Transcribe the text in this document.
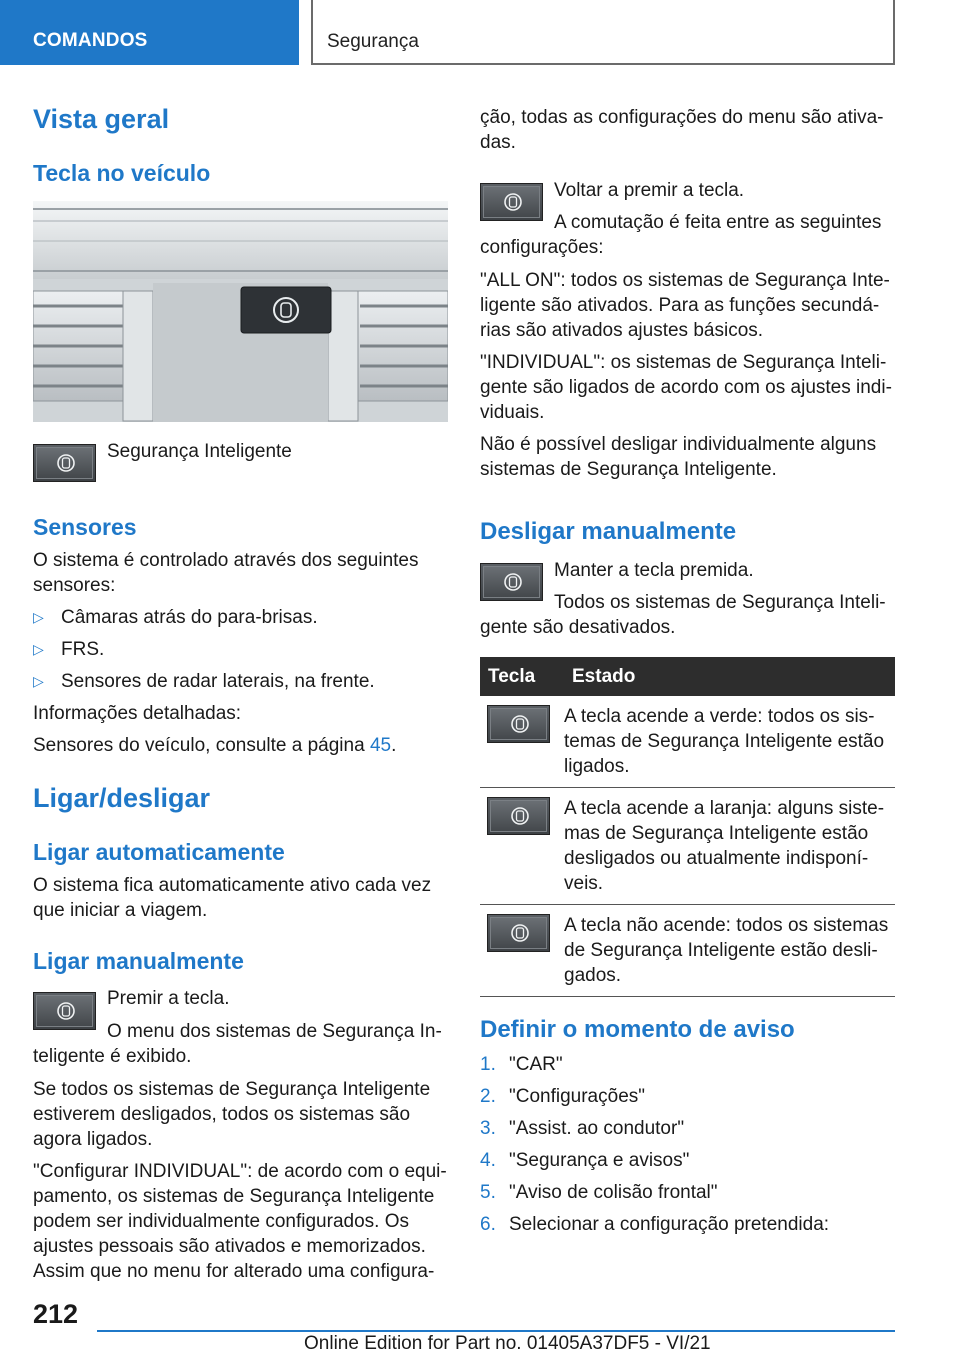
COMANDOS	Segurança
Vista geral
Tecla no veículo

Segurança Inteligente

Sensores

O sistema é controlado através dos seguintes

sensores:

▷ Câmaras atrás do para-brisas.
▷ FRS.
▷ Sensores de radar laterais, na frente.

Informações detalhadas:

Sensores do veículo, consulte a página 45.

Ligar/desligar
Ligar automaticamente

O sistema fica automaticamente ativo cada vez

que iniciar a viagem.

Ligar manualmente

Premir a tecla.

O menu dos sistemas de Segurança In-

teligente é exibido.

Se todos os sistemas de Segurança Inteligente

estiverem desligados, todos os sistemas são

agora ligados.

"Configurar INDIVIDUAL": de acordo com o equi-

pamento, os sistemas de Segurança Inteligente

podem ser individualmente configurados. Os

ajustes pessoais são ativados e memorizados.

Assim que no menu for alterado uma configura-

ção, todas as configurações do menu são ativa-

das.

Voltar a premir a tecla.

A comutação é feita entre as seguintes

configurações:

"ALL ON": todos os sistemas de Segurança Inte-

ligente são ativados. Para as funções secundá-

rias são ativados ajustes básicos.

"INDIVIDUAL": os sistemas de Segurança Inteli-

gente são ligados de acordo com os ajustes indi-

viduais.

Não é possível desligar individualmente alguns

sistemas de Segurança Inteligente.

Desligar manualmente

Manter a tecla premida.

Todos os sistemas de Segurança Inteli-

gente são desativados.

Tecla	Estado

A tecla acende a verde: todos os sis-
temas de Segurança Inteligente estão
ligados.

A tecla acende a laranja: alguns siste-
mas de Segurança Inteligente estão
desligados ou atualmente indisponí-
veis.

A tecla não acende: todos os sistemas
de Segurança Inteligente estão desli-
gados.
Definir o momento de aviso
1. "CAR"
2. "Configurações"
3. "Assist. ao condutor"
4. "Segurança e avisos"
5. "Aviso de colisão frontal"
6. Selecionar a configuração pretendida:
212
Online Edition for Part no. 01405A37DF5 - VI/21
